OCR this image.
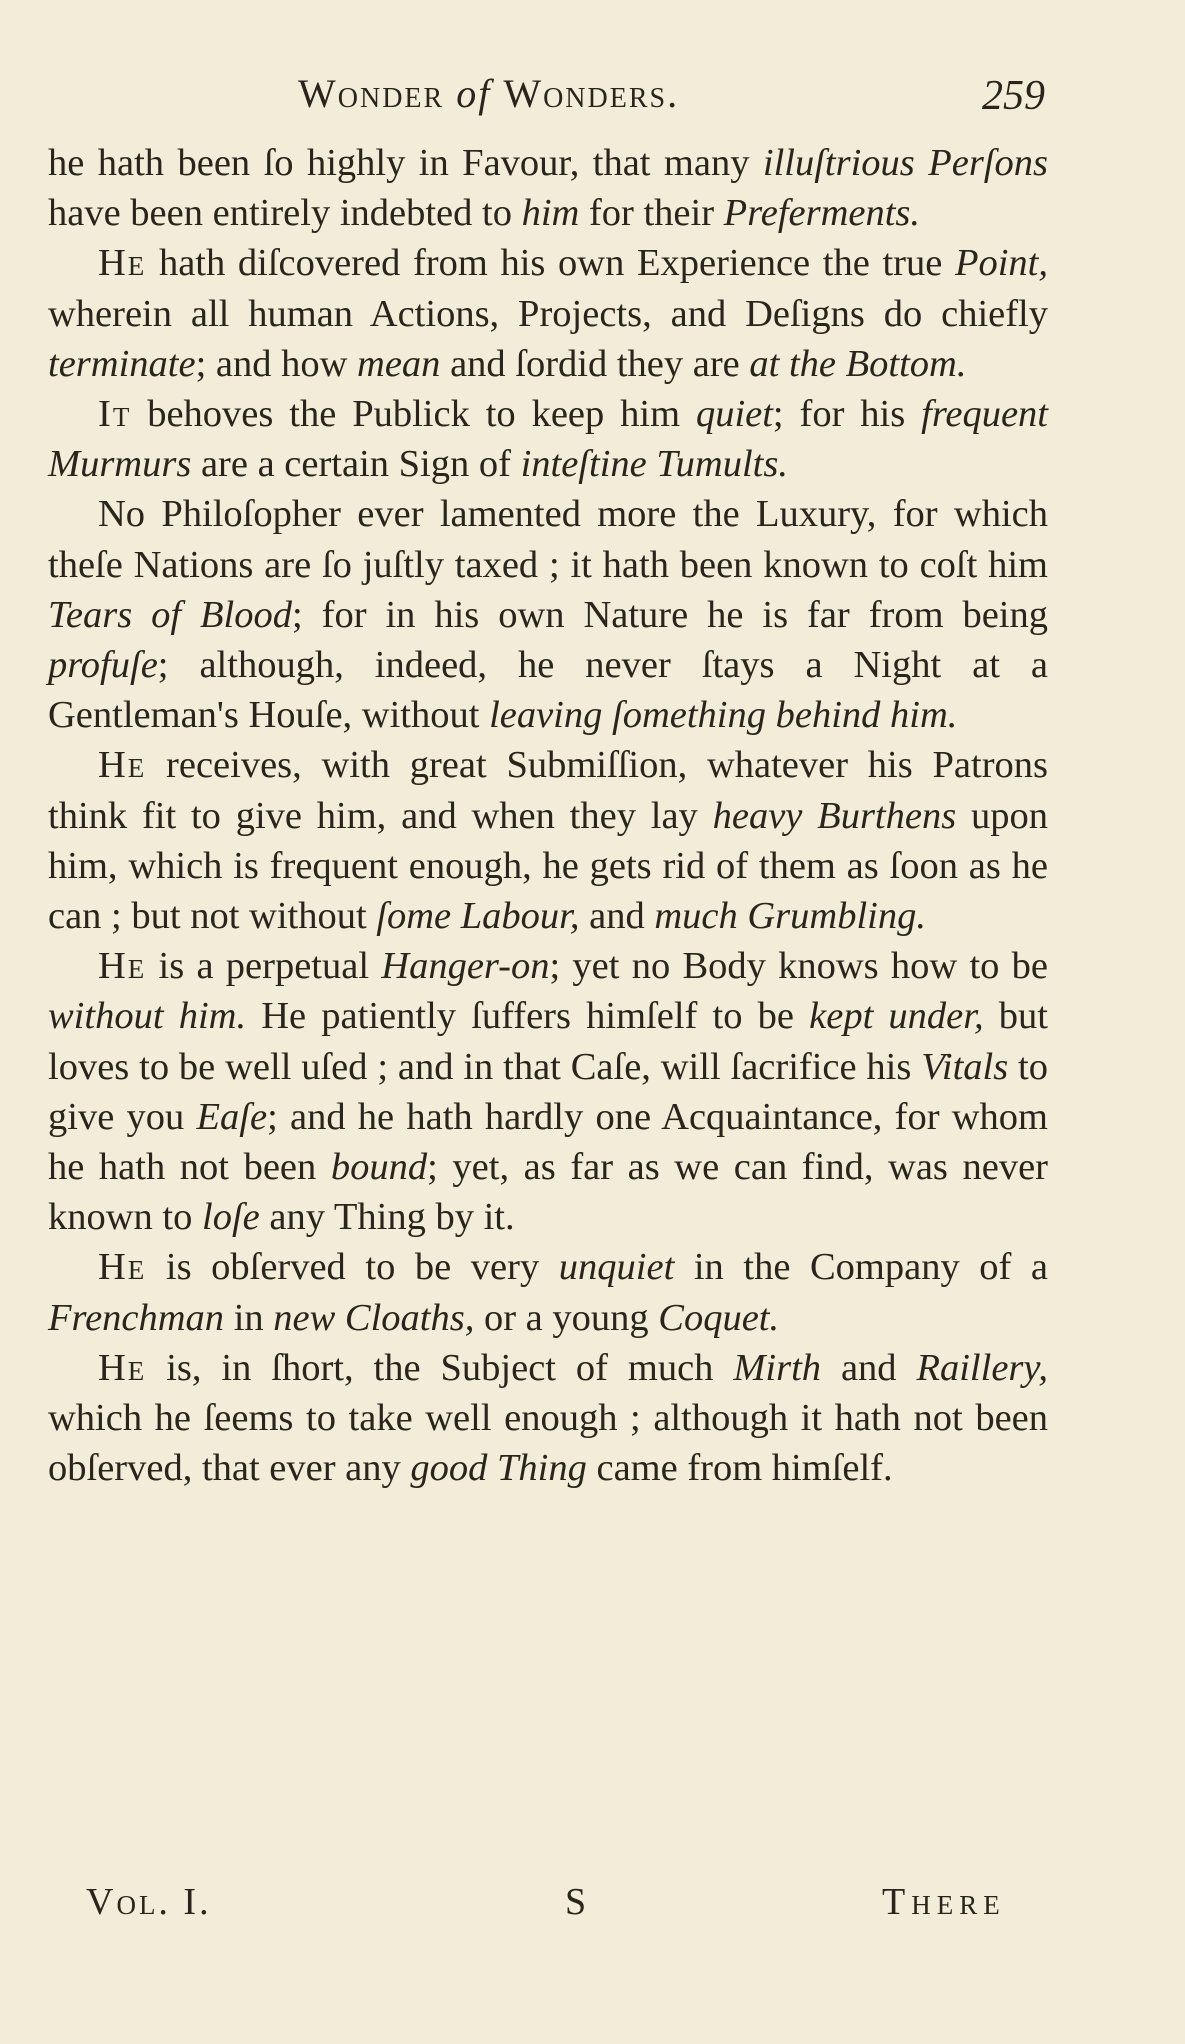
Wonder of Wonders.	259

he hath been ſo highly in Favour, that many illuſtrious Perſons have been entirely indebted to him for their Preferments.

He hath diſcovered from his own Experience the true Point, wherein all human Actions, Projects, and Deſigns do chiefly terminate; and how mean and ſordid they are at the Bottom.

It behoves the Publick to keep him quiet; for his frequent Murmurs are a certain Sign of inteſtine Tumults.

No Philoſopher ever lamented more the Luxury, for which theſe Nations are ſo juſtly taxed ; it hath been known to coſt him Tears of Blood; for in his own Nature he is far from being profuſe; although, indeed, he never ſtays a Night at a Gentleman's Houſe, without leaving ſomething behind him.

He receives, with great Submiſſion, whatever his Patrons think fit to give him, and when they lay heavy Burthens upon him, which is frequent enough, he gets rid of them as ſoon as he can ; but not without ſome Labour, and much Grumbling.

He is a perpetual Hanger-on; yet no Body knows how to be without him. He patiently ſuffers himſelf to be kept under, but loves to be well uſed ; and in that Caſe, will ſacrifice his Vitals to give you Eaſe; and he hath hardly one Acquaintance, for whom he hath not been bound; yet, as far as we can find, was never known to loſe any Thing by it.

He is obſerved to be very unquiet in the Company of a Frenchman in new Cloaths, or a young Coquet.

He is, in ſhort, the Subject of much Mirth and Raillery, which he ſeems to take well enough ; although it hath not been obſerved, that ever any good Thing came from himſelf.

Vol. I.	S	There
